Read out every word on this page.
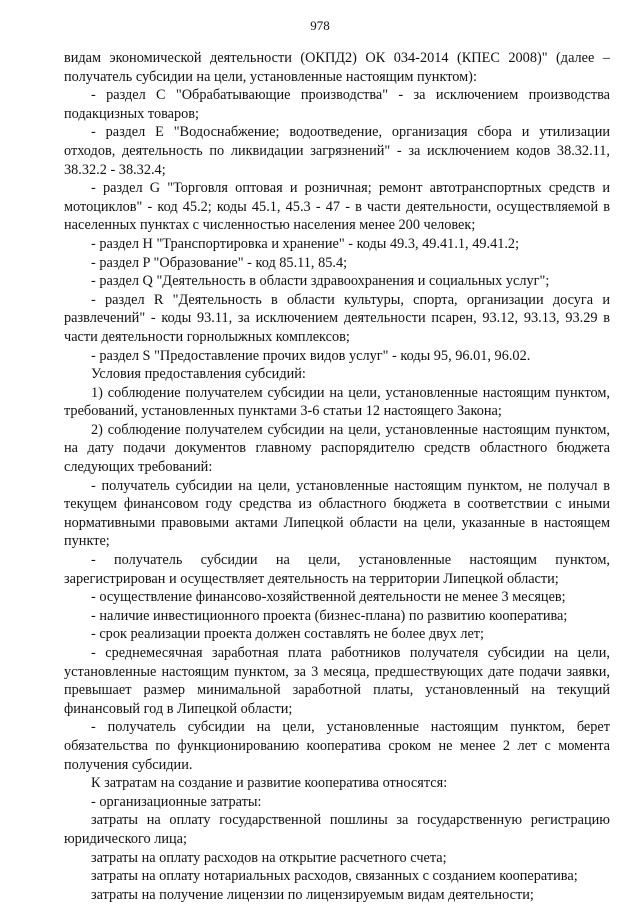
978

видам экономической деятельности (ОКПД2) ОК 034-2014 (КПЕС 2008)" (далее – получатель субсидии на цели, установленные настоящим пунктом):

- раздел С "Обрабатывающие производства" - за исключением производства подакцизных товаров;

- раздел Е "Водоснабжение; водоотведение, организация сбора и утилизации отходов, деятельность по ликвидации загрязнений" - за исключением кодов 38.32.11, 38.32.2 - 38.32.4;

- раздел G "Торговля оптовая и розничная; ремонт автотранспортных средств и мотоциклов" - код 45.2; коды 45.1, 45.3 - 47 - в части деятельности, осуществляемой в населенных пунктах с численностью населения менее 200 человек;

- раздел H "Транспортировка и хранение" - коды 49.3, 49.41.1, 49.41.2;

- раздел P "Образование" - код 85.11, 85.4;

- раздел Q "Деятельность в области здравоохранения и социальных услуг";

- раздел R "Деятельность в области культуры, спорта, организации досуга и развлечений" - коды 93.11, за исключением деятельности псарен, 93.12, 93.13, 93.29 в части деятельности горнолыжных комплексов;

- раздел S "Предоставление прочих видов услуг" - коды 95, 96.01, 96.02.

Условия предоставления субсидий:

1) соблюдение получателем субсидии на цели, установленные настоящим пунктом, требований, установленных пунктами 3-6 статьи 12 настоящего Закона;

2) соблюдение получателем субсидии на цели, установленные настоящим пунктом, на дату подачи документов главному распорядителю средств областного бюджета следующих требований:

- получатель субсидии на цели, установленные настоящим пунктом, не получал в текущем финансовом году средства из областного бюджета в соответствии с иными нормативными правовыми актами Липецкой области на цели, указанные в настоящем пункте;

- получатель субсидии на цели, установленные настоящим пунктом, зарегистрирован и осуществляет деятельность на территории Липецкой области;

- осуществление финансово-хозяйственной деятельности не менее 3 месяцев;

- наличие инвестиционного проекта (бизнес-плана) по развитию кооператива;

- срок реализации проекта должен составлять не более двух лет;

- среднемесячная заработная плата работников получателя субсидии на цели, установленные настоящим пунктом, за 3 месяца, предшествующих дате подачи заявки, превышает размер минимальной заработной платы, установленный на текущий финансовый год в Липецкой области;

- получатель субсидии на цели, установленные настоящим пунктом, берет обязательства по функционированию кооператива сроком не менее 2 лет с момента получения субсидии.

К затратам на создание и развитие кооператива относятся:

- организационные затраты:

затраты на оплату государственной пошлины за государственную регистрацию юридического лица;

затраты на оплату расходов на открытие расчетного счета;

затраты на оплату нотариальных расходов, связанных с созданием кооператива;

затраты на получение лицензии по лицензируемым видам деятельности;
